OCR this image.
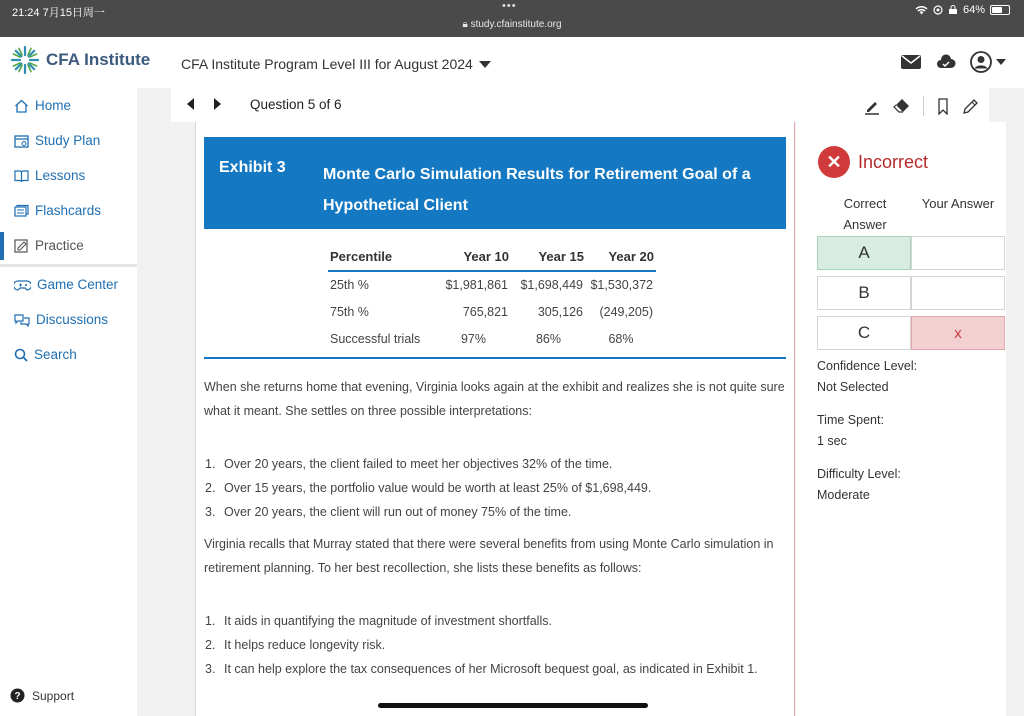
21:24 7月15日周一
•••
🔒︎ study.cfainstitute.org
64%
CFA Institute CFA Institute Program Level III for August 2024
Home
Study Plan
Lessons
Flashcards
Practice
Game Center
Discussions
Search
? Support
Question 5 of 6
Exhibit 3 Monte Carlo Simulation Results for Retirement Goal of a Hypothetical Client
Percentile	Year 10	Year 15	Year 20
25th %	$1,981,861	$1,698,449	$1,530,372
75th %	765,821	305,126	(249,205)
Successful trials	97%	86%	68%

When she returns home that evening, Virginia looks again at the exhibit and realizes she is not quite sure what it meant. She settles on three possible interpretations:

1. Over 20 years, the client failed to meet her objectives 32% of the time.
2. Over 15 years, the portfolio value would be worth at least 25% of $1,698,449.
3. Over 20 years, the client will run out of money 75% of the time.

Virginia recalls that Murray stated that there were several benefits from using Monte Carlo simulation in retirement planning. To her best recollection, she lists these benefits as follows:

1. It aids in quantifying the magnitude of investment shortfalls.
2. It helps reduce longevity risk.
3. It can help explore the tax consequences of her Microsoft bequest goal, as indicated in Exhibit 1.
✕ Incorrect
Correct Answer
Your Answer
A
B
C	x
Confidence Level:
Not Selected
Time Spent:
1 sec
Difficulty Level:
Moderate
